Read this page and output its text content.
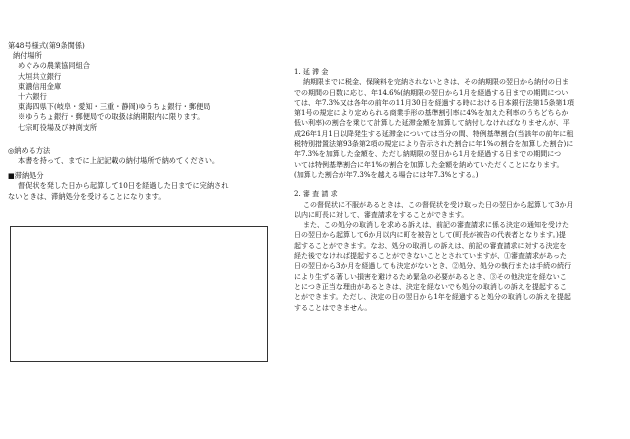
第48号様式(第9条関係)
納付場所
めぐみの農業協同組合
大垣共立銀行
東濃信用金庫
十六銀行
東海四県下(岐阜・愛知・三重・静岡)ゆうちょ銀行・郵便局
※ゆうちょ銀行・郵便局での取扱は納期限内に限ります。
七宗町役場及び神渕支所
◎納める方法
本書を持って、までに上記記載の納付場所で納めてください。
■滞納処分
督促状を発した日から起算して10日を経過した日までに完納され
ないときは、滞納処分を受けることになります。
1. 延 滞 金
納期限までに税金、保険料を完納されないときは、その納期限の翌日から納付の日ま
での期間の日数に応じ、年14.6%(納期限の翌日から1月を経過する日までの期間につい
ては、年7.3%又は各年の前年の11月30日を経過する時における日本銀行法第15条第1項
第1号の規定により定められる商業手形の基準割引率に4%を加えた利率のうちどちらか
低い利率)の割合を乗じて計算した延滞金額を加算して納付しなければなりませんが、平
成26年1月1日以降発生する延滞金については当分の間、特例基準割合(当該年の前年に租
税特別措置法第93条第2項の規定により告示された割合に年1%の割合を加算した割合)に
年7.3%を加算した金額を、ただし納期限の翌日から1月を経過する日までの期間につ
いては特例基準割合に年1%の割合を加算した金額を納めていただくことになります。
(加算した割合が年7.3%を越える場合には年7.3%とする。)
2. 審 査 請 求
この督促状に不服があるときは、この督促状を受け取った日の翌日から起算して3か月
以内に町長に対して、審査請求をすることができます。
また、この処分の取消しを求める訴えは、前記の審査請求に係る決定の通知を受けた
日の翌日から起算して6か月以内に町を被告として(町長が被告の代表者となります。)提
起することができます。なお、処分の取消しの訴えは、前記の審査請求に対する決定を
経た後でなければ提起することができないこととされていますが、①審査請求があった
日の翌日から3か月を経過しても決定がないとき、②処分、処分の執行または手続の続行
により生ずる著しい損害を避けるため緊急の必要があるとき、③その他決定を経ないこ
とにつき正当な理由があるときは、決定を経ないでも処分の取消しの訴えを提起するこ
とができます。ただし、決定の日の翌日から1年を経過すると処分の取消しの訴えを提起
することはできません。
